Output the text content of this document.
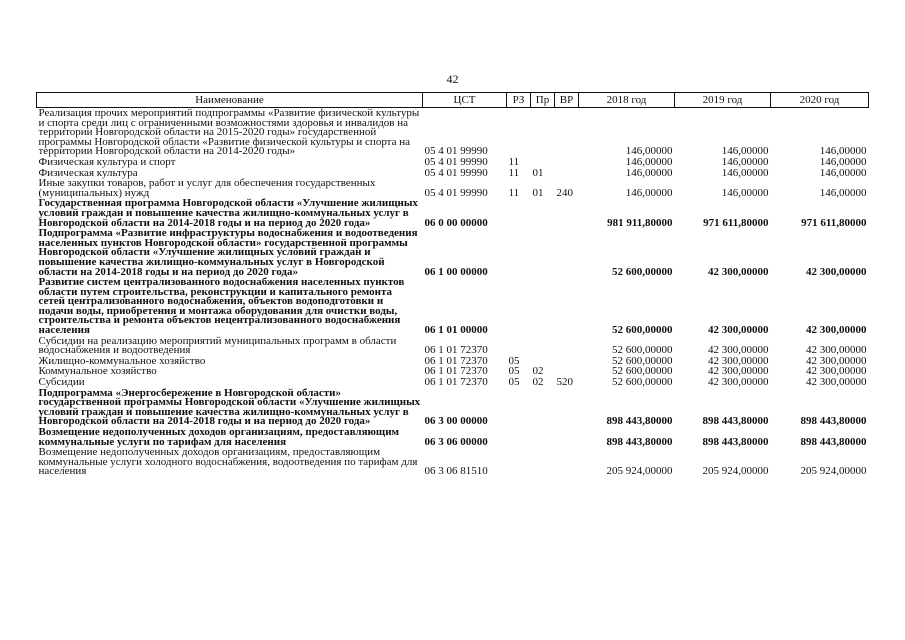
42
Наименование	ЦСТ	РЗ	Пр	ВР	2018 год	2019 год	2020 год
Реализация прочих мероприятий подпрограммы «Развитие физической культуры и спорта среди лиц с ограниченными возможностями здоровья и инвалидов на территории Новгородской области на 2015-2020 годы» государственной программы Новгородской области «Развитие физической культуры и спорта на территории Новгородской области на 2014-2020 годы»	05 4 01 99990				146,00000	146,00000	146,00000
Физическая культура и спорт	05 4 01 99990	11			146,00000	146,00000	146,00000
Физическая культура	05 4 01 99990	11	01		146,00000	146,00000	146,00000
Иные закупки товаров, работ и услуг для обеспечения государственных (муниципальных) нужд	05 4 01 99990	11	01	240	146,00000	146,00000	146,00000
Государственная программа Новгородской области «Улучшение жилищных условий граждан и повышение качества жилищно-коммунальных услуг в Новгородской области на 2014-2018 годы и на период до 2020 года»	06 0 00 00000				981 911,80000	971 611,80000	971 611,80000
Подпрограмма «Развитие инфраструктуры водоснабжения и водоотведения населенных пунктов Новгородской области» государственной программы Новгородской области «Улучшение жилищных условий граждан и повышение качества жилищно-коммунальных услуг в Новгородской области на 2014-2018 годы и на период до 2020 года»	06 1 00 00000				52 600,00000	42 300,00000	42 300,00000
Развитие систем централизованного водоснабжения населенных пунктов области путем строительства, реконструкции и капитального ремонта сетей централизованного водоснабжения, объектов водоподготовки и подачи воды, приобретения и монтажа оборудования для очистки воды, строительства и ремонта объектов нецентрализованного водоснабжения населения	06 1 01 00000				52 600,00000	42 300,00000	42 300,00000
Субсидии на реализацию мероприятий муниципальных программ в области водоснабжения и водоотведения	06 1 01 72370				52 600,00000	42 300,00000	42 300,00000
Жилищно-коммунальное хозяйство	06 1 01 72370	05			52 600,00000	42 300,00000	42 300,00000
Коммунальное хозяйство	06 1 01 72370	05	02		52 600,00000	42 300,00000	42 300,00000
Субсидии	06 1 01 72370	05	02	520	52 600,00000	42 300,00000	42 300,00000
Подпрограмма «Энергосбережение в Новгородской области» государственной программы Новгородской области «Улучшение жилищных условий граждан и повышение качества жилищно-коммунальных услуг в Новгородской области на 2014-2018 годы и на период до 2020 года»	06 3 00 00000				898 443,80000	898 443,80000	898 443,80000
Возмещение недополученных доходов организациям, предоставляющим коммунальные услуги по тарифам для населения	06 3 06 00000				898 443,80000	898 443,80000	898 443,80000
Возмещение недополученных доходов организациям, предоставляющим коммунальные услуги холодного водоснабжения, водоотведения по тарифам для населения	06 3 06 81510				205 924,00000	205 924,00000	205 924,00000
